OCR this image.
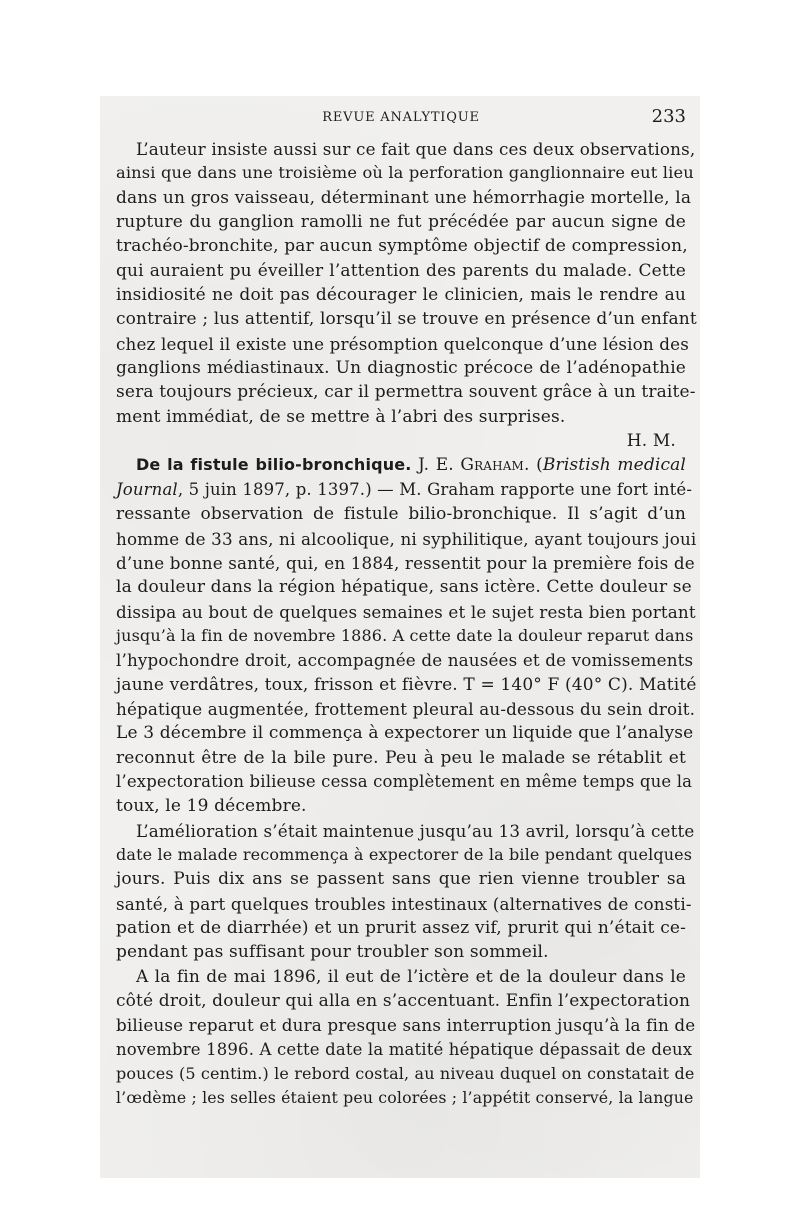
REVUE ANALYTIQUE	233
L’auteur insiste aussi sur ce fait que dans ces deux observations,
ainsi que dans une troisième où la perforation ganglionnaire eut lieu
dans un gros vaisseau, déterminant une hémorrhagie mortelle, la
rupture du ganglion ramolli ne fut précédée par aucun signe de
trachéo-bronchite, par aucun symptôme objectif de compression,
qui auraient pu éveiller l’attention des parents du malade. Cette
insidiosité ne doit pas décourager le clinicien, mais le rendre au
contraire ; lus attentif, lorsqu’il se trouve en présence d’un enfant
chez lequel il existe une présomption quelconque d’une lésion des
ganglions médiastinaux. Un diagnostic précoce de l’adénopathie
sera toujours précieux, car il permettra souvent grâce à un traite-
ment immédiat, de se mettre à l’abri des surprises.
H. M.
De la fistule bilio-bronchique. J. E. Graham. (Bristish medical
Journal, 5 juin 1897, p. 1397.) — M. Graham rapporte une fort inté-
ressante observation de fistule bilio-bronchique. Il s’agit d’un
homme de 33 ans, ni alcoolique, ni syphilitique, ayant toujours joui
d’une bonne santé, qui, en 1884, ressentit pour la première fois de
la douleur dans la région hépatique, sans ictère. Cette douleur se
dissipa au bout de quelques semaines et le sujet resta bien portant
jusqu’à la fin de novembre 1886. A cette date la douleur reparut dans
l’hypochondre droit, accompagnée de nausées et de vomissements
jaune verdâtres, toux, frisson et fièvre. T = 140° F (40° C). Matité
hépatique augmentée, frottement pleural au-dessous du sein droit.
Le 3 décembre il commença à expectorer un liquide que l’analyse
reconnut être de la bile pure. Peu à peu le malade se rétablit et
l’expectoration bilieuse cessa complètement en même temps que la
toux, le 19 décembre.
L’amélioration s’était maintenue jusqu’au 13 avril, lorsqu’à cette
date le malade recommença à expectorer de la bile pendant quelques
jours. Puis dix ans se passent sans que rien vienne troubler sa
santé, à part quelques troubles intestinaux (alternatives de consti-
pation et de diarrhée) et un prurit assez vif, prurit qui n’était ce-
pendant pas suffisant pour troubler son sommeil.
A la fin de mai 1896, il eut de l’ictère et de la douleur dans le
côté droit, douleur qui alla en s’accentuant. Enfin l’expectoration
bilieuse reparut et dura presque sans interruption jusqu’à la fin de
novembre 1896. A cette date la matité hépatique dépassait de deux
pouces (5 centim.) le rebord costal, au niveau duquel on constatait de
l’œdème ; les selles étaient peu colorées ; l’appétit conservé, la langue
